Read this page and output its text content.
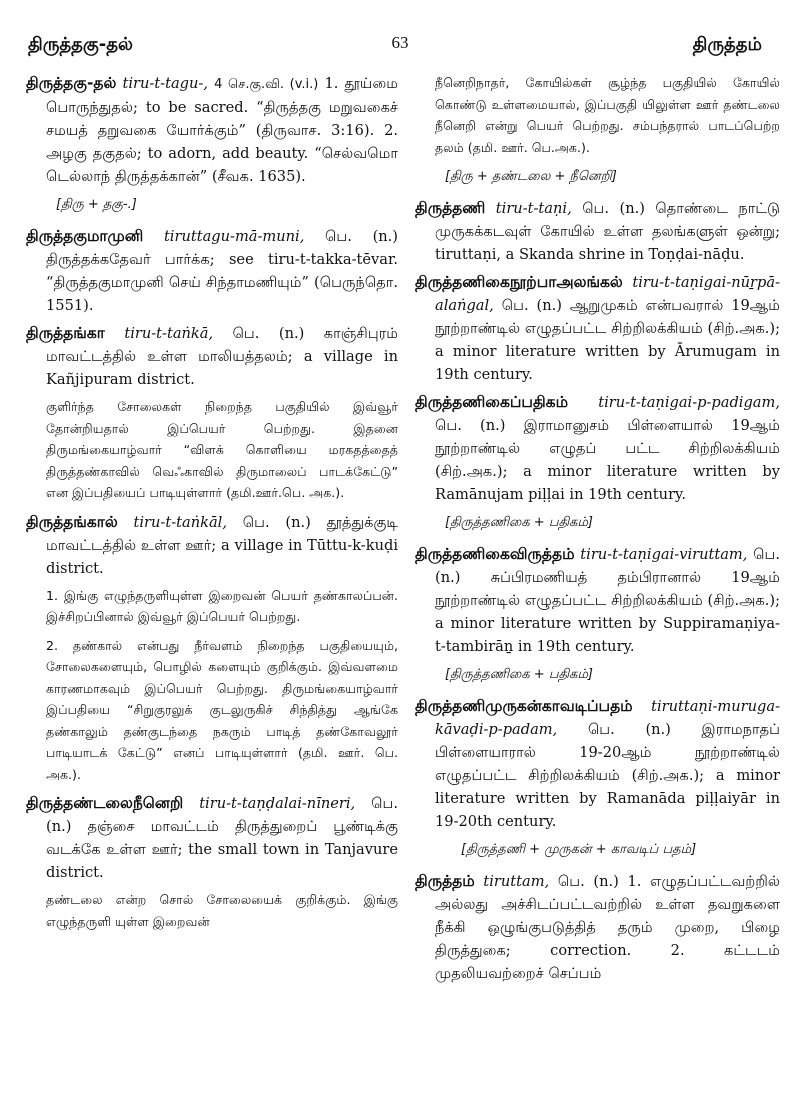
திருத்தகு-தல்	63	திருத்தம்
திருத்தகு-தல் tiru-t-tagu-, 4 செ.கு.வி. (v.i.) 1. தூய்மை பொருந்துதல்; to be sacred. “திருத்தகு மறுவகைச் சமயத் தறுவகை யோர்க்கும்” (திருவாச. 3:16). 2. அழகு தகுதல்; to adorn, add beauty. “செல்வமொ டெல்லாந் திருத்தக்கான்” (சீவக. 1635).
[திரு + தகு-.]
திருத்தகுமாமுனி tiruttagu-mā-muni, பெ. (n.) திருத்தக்கதேவர் பார்க்க; see tiru-t-takka-tēvar. “திருத்தகுமாமுனி செய் சிந்தாமணியும்” (பெருந்தொ. 1551).
திருத்தங்கா tiru-t-taṅkā, பெ. (n.) காஞ்சிபுரம் மாவட்டத்தில் உள்ள மாலியத்தலம்; a village in Kañjipuram district.
குளிர்ந்த சோலைகள் நிறைந்த பகுதியில் இவ்வூர் தோன்றியதால் இப்பெயர் பெற்றது. இதனை திருமங்கையாழ்வார் “விளக் கொளியை மரகதத்தைத் திருத்தண்காவில் வெஃகாவில் திருமாலைப் பாடக்கேட்டு” என இப்பதியைப் பாடியுள்ளார் (தமி.ஊர்.பெ. அக.).
திருத்தங்கால் tiru-t-taṅkāl, பெ. (n.) தூத்துக்குடி மாவட்டத்தில் உள்ள ஊர்; a village in Tūttu-k-kuḍi district.
1. இங்கு எழுந்தருளியுள்ள இறைவன் பெயர் தண்காலப்பன். இச்சிறப்பினால் இவ்வூர் இப்பெயர் பெற்றது.
2. தண்கால் என்பது நீர்வளம் நிறைந்த பகுதியையும், சோலைகளையும், பொழில் களையும் குறிக்கும். இவ்வளமை காரணமாகவும் இப்பெயர் பெற்றது. திருமங்கையாழ்வார் இப்பதியை “சிறுகுரலுக் குடலுருகிச் சிந்தித்து ஆங்கே தண்காலும் தண்குடந்தை நகரும் பாடித் தண்கோவலூர் பாடியாடக் கேட்டு” எனப் பாடியுள்ளார் (தமி. ஊர். பெ. அக.).
திருத்தண்டலைநீனெறி tiru-t-taṇḍalai-nīneri, பெ. (n.) தஞ்சை மாவட்டம் திருத்துறைப் பூண்டிக்கு வடக்கே உள்ள ஊர்; the small town in Tanjavure district.
தண்டலை என்ற சொல் சோலையைக் குறிக்கும். இங்கு எழுந்தருளி யுள்ள இறைவன்
நீனெறிநாதர், கோயில்கள் சூழ்ந்த பகுதியில் கோயில் கொண்டு உள்ளமையால், இப்பகுதி யிலுள்ள ஊர் தண்டலை நீனெறி என்று பெயர் பெற்றது. சம்பந்தரால் பாடப்பெற்ற தலம் (தமி. ஊர். பெ.அக.).
[திரு + தண்டலை + நீனெறி]
திருத்தணி tiru-t-taṇi, பெ. (n.) தொண்டை நாட்டு முருகக்கடவுள் கோயில் உள்ள தலங்களுள் ஒன்று; tiruttaṇi, a Skanda shrine in Toṇḍai-nāḍu.
திருத்தணிகைநூற்பாஅலங்கல் tiru-t-taṇigai-nūṟpā-alaṅgal, பெ. (n.) ஆறுமுகம் என்பவரால் 19ஆம் நூற்றாண்டில் எழுதப்பட்ட சிற்றிலக்கியம் (சிற்.அக.); a minor literature written by Ārumugam in 19th century.
திருத்தணிகைப்பதிகம் tiru-t-taṇigai-p-padigam, பெ. (n.) இராமானுசம் பிள்ளையால் 19ஆம் நூற்றாண்டில் எழுதப் பட்ட சிற்றிலக்கியம் (சிற்.அக.); a minor literature written by Ramānujam piḷḷai in 19th century.
[திருத்தணிகை + பதிகம்]
திருத்தணிகைவிருத்தம் tiru-t-taṇigai-viruttam, பெ. (n.) சுப்பிரமணியத் தம்பிரானால் 19ஆம் நூற்றாண்டில் எழுதப்பட்ட சிற்றிலக்கியம் (சிற்.அக.); a minor literature written by Suppiramaṇiya-t-tambirāṉ in 19th century.
[திருத்தணிகை + பதிகம்]
திருத்தணிமுருகன்காவடிப்பதம் tiruttaṇi-muruga-kāvaḍi-p-padam, பெ. (n.) இராமநாதப் பிள்ளையாரால் 19-20ஆம் நூற்றாண்டில் எழுதப்பட்ட சிற்றிலக்கியம் (சிற்.அக.); a minor literature written by Ramanāda piḷḷaiyār in 19-20th century.
[திருத்தணி + முருகன் + காவடிப் பதம்]
திருத்தம் tiruttam, பெ. (n.) 1. எழுதப்பட்டவற்றில் அல்லது அச்சிடப்பட்டவற்றில் உள்ள தவறுகளை நீக்கி ஒழுங்குபடுத்தித் தரும் முறை, பிழை திருத்துகை; correction. 2. கட்டடம் முதலியவற்றைச் செப்பம்
